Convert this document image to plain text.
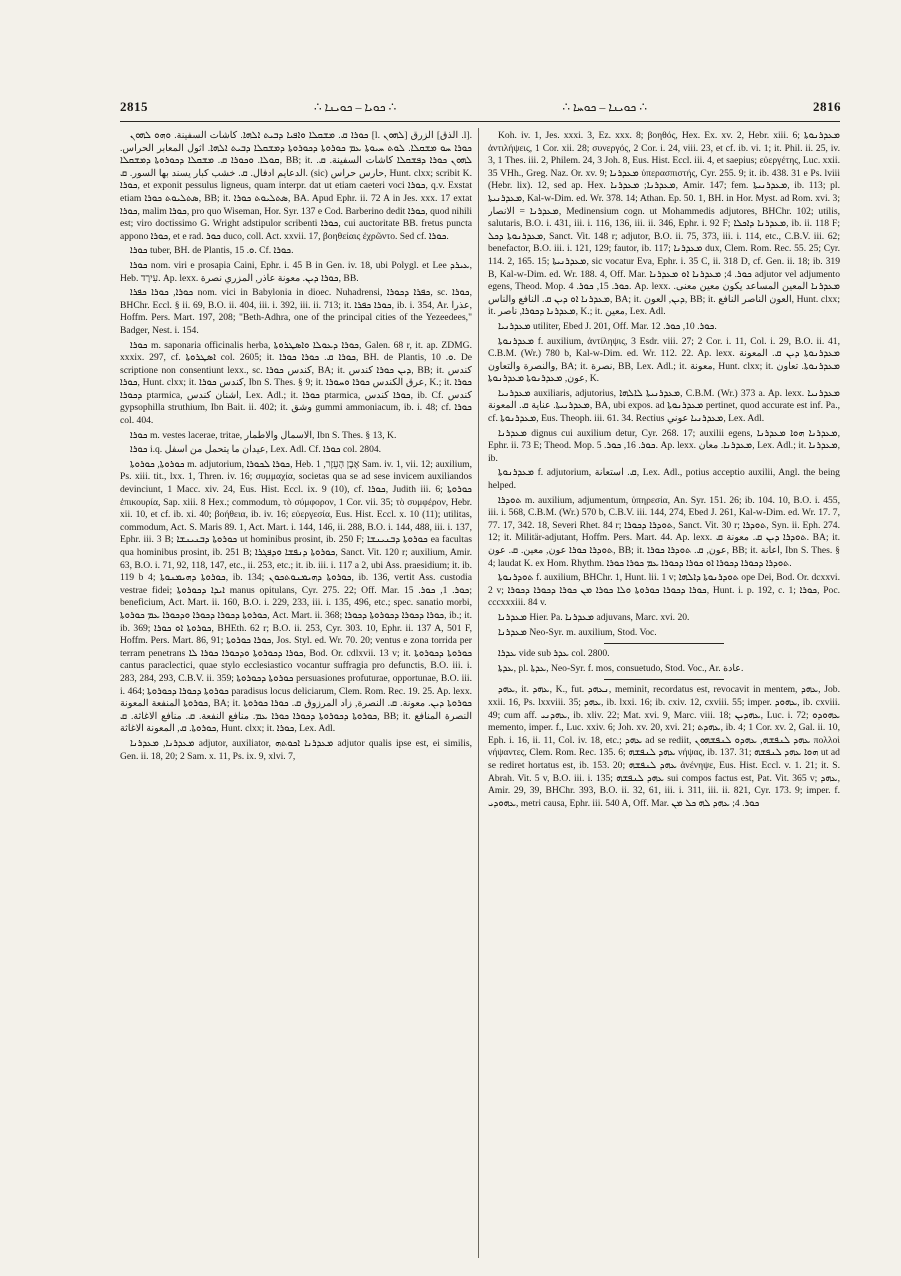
2815	∴ ܟܘܝܐ – ܟܘܝܢܐ ∴	∴ ܟܘܝܢܐ – ܟܘܚܐ ∴	2816

ܟܘܪܐ ܩ. ܡܫܩܠܐ ܘܐܦܝܐ ܕܒܝܬ ܐܠܗܐ. كاشات السفينة. ܘܗܘ ܠܗܘܢ [l. ܠܗܘܢ] الزرق [الذق .l]. ܟܘܪܐ ܚܘ ܡܫܩܠܐ. ܠܘܬ ܚܝܘܬܐ ܥܡ ܟܘܪܘܬܐ ܕܟܘܪܘܬܐ ܕܡܫܩܠܐ ܕܒܝܬ ܐܠܗܐ. اثول المعابر الحراس. ܩܘܠܐ. ܘܟܘܪܐ ܩ. ܡܫܩܠܐ ܕܟܘܪܘܬܐ ܕܡܫܩܠܐ, BB; it. ܠܗܘܢ ܟܘܪܐ ܕܦܫܩܠܐ كاشات السفينة. ܩ. الدعايم ادفال. ܩ. خشب كبار يسند بها السور. ܩ. (sic) حارس حراس, Hunt. clxx; scribit K. ܟܘܪܐ, et exponit pessulus ligneus, quam interpr. dat ut etiam caeteri voci ܟܘܪܐ, q.v. Exstat etiam ܣܬܠܝܘܬ ܟܘܪܐ, BB; it. ܣܬܠܝܘܬ ܟܘܪܐ, BA. Apud Ephr. ii. 72 A in Jes. xxx. 17 extat ܟܘܪܐ, malim ܟܘܪܐ, pro quo Wiseman, Hor. Syr. 137 e Cod. Barberino dedit ܟܘܪܐ, quod nihili est; viro doctissimo G. Wright adstipulor scribenti ܟܘܪܐ, cui auctoritate BB. fretus puncta appono ܟܘܪܐ, et e rad. ܟܘܪ duco, coll. Act. xxvii. 17, βοηθείαις ἐχρῶντο. Sed cf. ܟܘܪܐ.

ܟܘܪܐ tuber, BH. de Plantis, ܘ. 15. Cf. ܟܘܪܐ.

ܟܘܪܐ nom. viri e prosapia Caini, Ephr. i. 45 B in Gen. iv. 18, ubi Polygl. et Lee ܥܝܪܕ, Heb. עִירָד. Ap. lexx. ܟܘܪܐ ܕܝܢ. معونة عاذر, المزري نصرة, BB.

ܟܘܪܐ, ܟܘܪܐ ܟܦܪܐ nom. vici in Babylonia in dioec. Nuhadrensi, ܟܦܪܐ ܕܟܘܪܐ, sc. ܟܘܪܐ, BHChr. Eccl. § ii. 69, B.O. ii. 404, iii. i. 392, iii. ii. 713; it. ܟܘܪܐ ܟܦܪܐ, ib. i. 354, Ar. عذرا, Hoffm. Pers. Mart. 197, 208; "Beth-Adhra, one of the principal cities of the Yezeedees," Badger, Nest. i. 154.

ܟܘܪܐ m. saponaria officinalis herba, ܟܘܪܐ ܕܥܘܠܐ ܘܐܣܛܪܘܬܐ, Galen. 68 r, it. ap. ZDMG. xxxix. 297, cf. ܐܣܛܪܘܬܐ col. 2605; it. ܟܘܪܐ ܩ. ܟܘܪܐ ܟܘܪܐ, BH. de Plantis, ܘ. 10. De scriptione non consentiunt lexx., sc. كندس ܟܘܪܐ, BA; it. ܕܝܢ ܟܘܪܐ كندس, BB; it. كندس ܟܘܪܐ, Hunt. clxx; it. كندس ܟܘܪܐ, Ibn S. Thes. § 9; it. عرق الكندس ܟܘܪܐ ܘܚܘܪܐ, K.; it. ܟܘܪܐ ܕܟܘܪܐ ptarmica, اشنان كندس, Lex. Adl.; it. ܟܘܪܐ ptarmica, ܟܘܪܐ كندس, ib. Cf. كندس gypsophilla struthium, Ibn Bait. ii. 402; it. وشق gummi ammoniacum, ib. i. 48; cf. ܟܘܪܐ col. 404.

ܟܘܪܐ m. vestes lacerae, tritae, الاسمال والاطمار, Ibn S. Thes. § 13, K.

ܟܘܪܐ i.q. عيدان ما يتحمل من اسفل, Lex. Adl. Cf. ܟܘܪܐ col. 2804.

ܟܘܪܘܬܐ, ܟܘܪܘܬܐ m. adjutorium, ܟܘܪܐ ܠܟܘܪܐ, Heb. אֶבֶן הָעֵזֶר, 1 Sam. iv. 1, vii. 12; auxilium, Ps. xiii. tit., lxx. 1, Thren. iv. 16; συμμαχία, societas qua se ad sese invicem auxiliandos devinciunt, 1 Macc. xiv. 24, Eus. Hist. Eccl. ix. 9 (10), cf. ܟܘܪܐ, Judith iii. 6; ܟܘܪܘܬܐ ἐπικουρία, Sap. xiii. 8 Hex.; commodum, τὸ σύμφορον, 1 Cor. vii. 35; τὸ συμφέρον, Hebr. xii. 10, et cf. ib. xi. 40; βοήθεια, ib. iv. 16; εὐεργεσία, Eus. Hist. Eccl. x. 10 (11); utilitas, commodum, Act. S. Maris 89. 1, Act. Mart. i. 144, 146, ii. 288, B.O. i. 144, 488, iii. i. 137, Ephr. iii. 3 B; ܟܘܪܘܬܐ ܕܒܢܝܢܫܐ ut hominibus prosint, ib. 250 F; ܟܘܪܘܬܐ ܕܒܢܝܢܫܐ ea facultas qua hominibus prosint, ib. 251 B; ܟܘܪܘܬܐ ܕܢܦܫܐ ܘܕܦܓܪܐ, Sanct. Vit. 120 r; auxilium, Amir. 63, B.O. i. 71, 92, 118, 147, etc., ii. 253, etc.; it. ib. iii. i. 117 a 2, ubi Ass. praesidium; it. ib. 119 b 4; ܟܘܪܘܬܐ ܕܗܝܡܢܘܬܐ, ib. 134; ܟܘܪܘܬܐ ܕܗܝܡܢܘܬܟܘܢ, ib. 136, vertit Ass. custodia vestrae fidei; ܐܝܕܐ ܕܟܘܪܘܬܐ manus opitulans, Cyr. 275. 22; Off. Mar. ܟܘܪ. 1, ܟܘܪ. 15; beneficium, Act. Mart. ii. 160, B.O. i. 229, 233, iii. i. 135, 496, etc.; spec. sanatio morbi, ܟܘܪܘܬܐ ܕܟܘܪܐ ܕܟܘܪܐ ܘܕܟܘܪܐ ܥܡ ܟܘܪܘܬܐ, Act. Mart. ii. 368; ܟܘܪܐ ܕܟܘܪܐ ܕܟܘܪܘܬܐ ܕܟܘܪܐ, ib.; it. ib. 369; ܟܘܪܘܬܐ ܐܘ ܟܘܪܐ, BHEth. 62 r; B.O. ii. 253, Cyr. 303. 10, Ephr. ii. 137 A, 501 F, Hoffm. Pers. Mart. 86, 91; ܟܘܪܐ ܟܘܪܘܬܐ, Jos. Styl. ed. Wr. 70. 20; ventus e zona torrida per terram penetrans ܟܘܪܐ ܕܟܘܪܘܬܐ ܘܕܟܘܪܐ ܟܘܪܐ ܠܐ, Bod. Or. cdlxvii. 13 v; it. ܟܘܪܘܬܐ ܕܟܘܪܘܬܐ cantus paraclectici, quae stylo ecclesiastico vocantur suffragia pro defunctis, B.O. iii. i. 283, 284, 293, C.B.V. ii. 359; ܟܘܪܘܬܐ ܕܟܘܪܘܬܐ persuasiones profuturae, opportunae, B.O. iii. i. 464; ܟܘܪܘܬܐ ܕܟܘܪܐ ܕܟܘܪܘܬܐ paradisus locus deliciarum, Clem. Rom. Rec. 19. 25. Ap. lexx. ܟܘܪܘܬܐ المنفعة المعونة, BA; it. ܟܘܪܘܬܐ ܕܝܢ. معونة. ܩ. النصرة, زاد المرزوق ܩ. ܟܘܪܐ ܟܘܪܘܬܐ ܟܘܪܘܬܐ ܕܟܘܪܘܬܐ ܕܟܘܪܐ ܟܘܪܐ ܥܡ. منافع النفعة. ܩ. منافع الاغاثة. ܩ, BB; it. النصرة المنافع ܟܘܪܘܬܐ. ܩ, المعونة الاغاثة, Hunt. clxx; it. ܟܘܪܐ, Lex. Adl.

ܡܥܕܪܢܐ, ܡܥܕܪܢܐ adjutor, auxiliator, ܡܥܕܪܢܐ ܐܟܘܬܗ adjutor qualis ipse est, ei similis, Gen. ii. 18, 20; 2 Sam. x. 11, Ps. ix. 9, xlvi. 7,

Koh. iv. 1, Jes. xxxi. 3, Ez. xxx. 8; βοηθός, Hex. Ex. xv. 2, Hebr. xiii. 6; ܡܥܕܪܢܘܬܐ ἀντιλήψεις, 1 Cor. xii. 28; συνεργός, 2 Cor. i. 24, viii. 23, et cf. ib. vi. 1; it. Phil. ii. 25, iv. 3, 1 Thes. iii. 2, Philem. 24, 3 Joh. 8, Eus. Hist. Eccl. iii. 4, et saepius; εὐεργέτης, Luc. xxii. 35 VHh., Greg. Naz. Or. xv. 9; ܡܥܕܪܢܐ ὑπερασπιστής, Cyr. 255. 9; it. ib. 438. 31 e Ps. lviii (Hebr. lix). 12, sed ap. Hex. ܡܥܕܪܢܐ; ܡܥܕܪܢܐ, Amir. 147; fem. ܡܥܕܪܢܝܬܐ, ib. 113; pl. ܡܥܕܪܢܝܬܐ, Kal-w-Dim. ed. Wr. 378. 14; Athan. Ep. 50. 1, BH. in Hor. Myst. ad Rom. xvi. 3; ܡܥܕܪܢܐ = الانصار, Medinensium cogn. ut Mohammedis adjutores, BHChr. 102; utilis, salutaris, B.O. i. 431, iii. i. 116, 136, iii. ii. 346, Ephr. i. 92 F; ܡܥܕܪܢܐ ܕܐܟܠܐ, ib. ii. 118 F; ܡܥܕܪܢܘܬܐ ܕܟܠ, Sanct. Vit. 148 r; adjutor, B.O. ii. 75, 373, iii. i. 114, etc., C.B.V. iii. 62; benefactor, B.O. iii. i. 121, 129; fautor, ib. 117; ܡܥܕܪܢܐ dux, Clem. Rom. Rec. 55. 25; Cyr. 114. 2, 165. 15; ܡܥܕܪܢܝܬܐ, sic vocatur Eva, Ephr. i. 35 C, ii. 318 D, cf. Gen. ii. 18; ib. 319 B, Kal-w-Dim. ed. Wr. 188. 4, Off. Mar. ܟܘܪ. 4; ܡܥܕܪܢܐ ܐܘ ܡܥܕܪܢܐ adjutor vel adjumento egens, Theod. Mop. ܟܘܪ. 15, ܟܘܪ. 4. Ap. lexx. ܡܥܕܪܢܐ المعين المساعد يكون معين معنى. ܡܥܕܪܢܐ ܐܘ ܕܝܢ ܩ. النافع والناس, BA; it. ܕܝܢ, العون, BB; it. العون الناصر النافع, Hunt. clxx; it. ܡܥܕܪܢܐ ܕܟܘܪܐ, ناصر, K.; it. معين, Lex. Adl.

ܡܥܕܪܢܝܐ utiliter, Ebed J. 201, Off. Mar. ܟܘܪ. 10, ܟܘܪ. 12.

ܡܥܕܪܢܘܬܐ f. auxilium, ἀντίληψις, 3 Esdr. viii. 27; 2 Cor. i. 11, Col. i. 29, B.O. ii. 41, C.B.M. (Wr.) 780 b, Kal-w-Dim. ed. Wr. 112. 22. Ap. lexx. ܡܥܕܪܢܘܬܐ ܕܝܢ ܩ. المعونة والنصرة والتعاون, BA; it. نصرة, BB, Lex. Adl.; it. معونة, Hunt. clxx; it. ܡܥܕܪܢܘܬܐ. تعاون عون, ܡܥܕܪܢܘܬܐ ܡܥܕܪܢܘܬܐ, K.

ܡܥܕܪܢܝܐ auxiliaris, adjutorius, ܡܥܕܪܢܝܬܐ ܠܐܠܗܐ, C.B.M. (Wr.) 373 a. Ap. lexx. ܡܥܕܪܢܝܐ ܡܥܕܪܢܝܬܐ. عناية ܩ. المعونة, BA, ubi expos. ad ܡܥܕܪܢܘܬܐ pertinet, quod accurate est inf. Pa., cf. ܡܥܕܪܢܘܬܐ, Eus. Theoph. iii. 61. 34. Rectius ܡܥܕܪܢܝܐ عوني, Lex. Adl.

ܡܥܕܪܢܐ dignus cui auxilium detur, Cyr. 268. 17; auxilii egens, ܡܥܕܪܢܐ ܗܘܐ ܡܥܕܪܢܐ, Ephr. ii. 73 E; Theod. Mop. ܟܘܪ. 16, ܟܘܪ. 5. Ap. lexx. ܡܥܕܪܢܐ. معان, Lex. Adl.; it. ܡܥܕܪܢܐ, ib.

ܡܥܕܪܢܘܬܐ f. adjutorium, ܩ. استعانة, Lex. Adl., potius acceptio auxilii, Angl. the being helped.

ܬܘܕܪܐ m. auxilium, adjumentum, ὑπηρεσία, An. Syr. 151. 26; ib. 104. 10, B.O. i. 455, iii. i. 568, C.B.M. (Wr.) 570 b, C.B.V. iii. 144, 274, Ebed J. 261, Kal-w-Dim. ed. Wr. 17. 7, 77. 17, 342. 18, Severi Rhet. 84 r; ܬܘܕܪܐ ܕܟܘܪܐ, Sanct. Vit. 30 r; ܬܘܕܪܐ, Syn. ii. Eph. 274. 12; it. Militär-adjutant, Hoffm. Pers. Mart. 44. Ap. lexx. ܬܘܕܪܐ ܕܝܢ ܩ. معونة ܩ. BA; it. ܬܘܕܪܐ ܟܘܪܐ عون, معين. ܩ. عون, BB; it. عون, ܩ. ܬܘܕܪܐ ܟܘܪܐ, BB; it. اعانة, Ibn S. Thes. § 4; laudat K. ex Hom. Rhythm. ܬܘܕܪܐ ܕܟܘܪܐ ܕܟܘܪܐ ܐܘ ܟܘܪܐ ܕܟܘܪܐ ܥܡ ܟܘܪܐ ܟܘܪܐ.

ܬܘܕܪܢܘܬܐ f. auxilium, BHChr. 1, Hunt. lii. 1 v; ܬܘܕܪܢܘܬܐ ܕܐܠܗܐ ope Dei, Bod. Or. dcxxvi. 2 v; ܟܘܪܐ ܕܟܘܪܐ ܟܘܪܘܬܐ ܘܠܐ ܟܘܪܐ ܡܢ ܟܘܪܐ ܕܟܘܪܐ ܕܟܘܪܐ, Hunt. i. p. 192, c. 1; ܟܘܪܐ, Poc. cccxxxiii. 84 v.

ܡܥܕܪܢܐ Hier. Pa. ܡܥܕܪܢܐ adjuvans, Marc. xvi. 20.

ܡܥܕܪܢܐ Neo-Syr. m. auxilium, Stod. Voc.

ܥܕܪܐ vide sub ܥܕܪ col. 2800.

ܥܕܬܐ, pl. ܥܕܬܐ, Neo-Syr. f. mos, consuetudo, Stod. Voc., Ar. عادة.

ܥܗܕ, it. ܥܗܕ, K., fut. ܢܥܗܕ, meminit, recordatus est, revocavit in mentem, ܥܗܕ, Job. xxii. 16, Ps. lxxviii. 35; ܥܗܕ, ib. lxxi. 16; ib. cxiv. 12, cxviii. 55; imper. ܥܗܘܕ, ib. cxviii. 49; cum aff. ܥܗܕܢܝ, ib. xliv. 22; Mat. xvi. 9, Marc. viii. 18; ܥܗܕܝܢ, Luc. i. 72; ܥܗܘܕܘ memento, imper. f., Luc. xxiv. 6; Joh. xv. 20, xvi. 21; ܥܗܕܬ, ib. 4; 1 Cor. xv. 2, Gal. ii. 10, Eph. i. 16, ii. 11, Col. iv. 18, etc.; ܥܗܕ ad se rediit, ܥܗܕ ܠܢܦܫܗ, ܥܗܕܘ ܠܢܦܫܗܘܢ πολλοὶ νήψαντες, Clem. Rom. Rec. 135. 6; ܥܗܕ ܠܢܦܫܗ νήψας, ib. 137. 31; ܗܘܐ ܥܗܕ ܠܢܦܫܗ ut ad se rediret hortatus est, ib. 153. 20; ܥܗܕ ܠܢܦܫܗ ἀνένηψε, Eus. Hist. Eccl. v. 1. 21; it. S. Abrah. Vit. 5 v, B.O. iii. i. 135; ܥܗܕ ܠܢܦܫܗ sui compos factus est, Pat. Vit. 365 v; ܥܗܕ, Amir. 29, 39, BHChr. 393, B.O. ii. 32, 61, iii. i. 311, iii. ii. 821, Cyr. 173. 9; imper. f. ܥܗܘܕܝ, metri causa, Ephr. iii. 540 A, Off. Mar. ܟܘܪ. 4; ܥܗܕ ܠܗ ܟܠ ܡܢ
